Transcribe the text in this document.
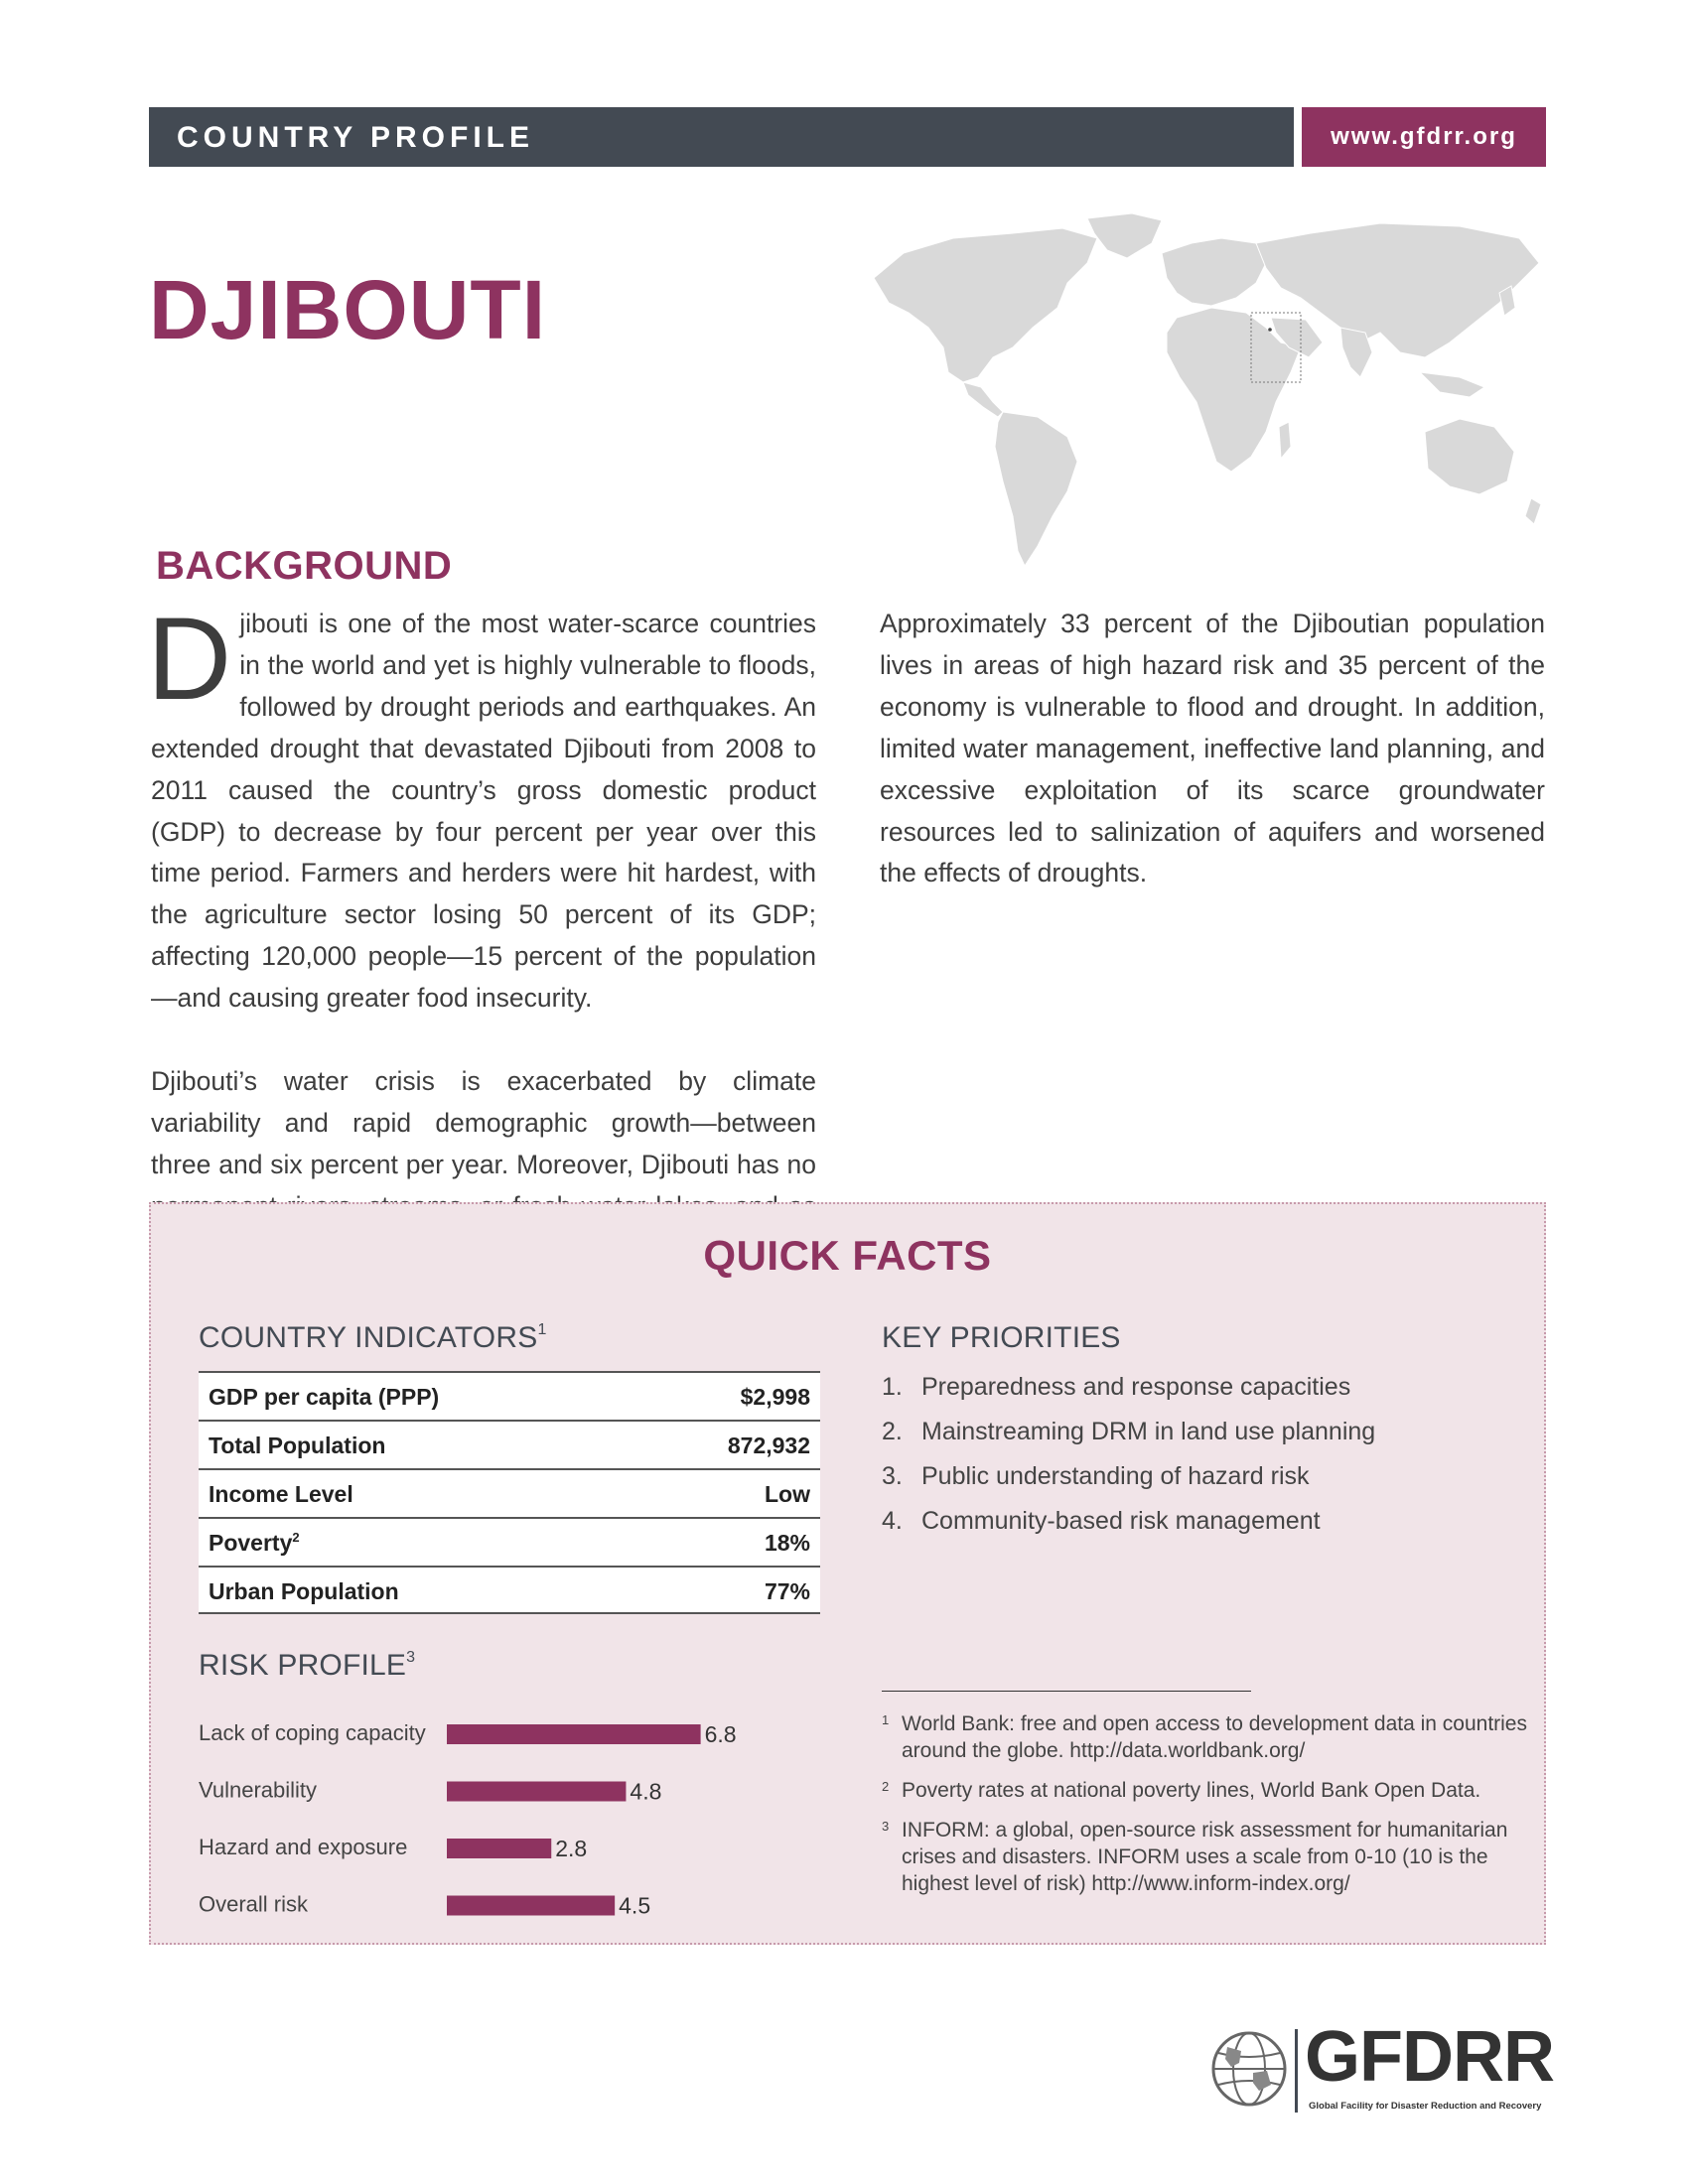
COUNTRY PROFILE	www.gfdrr.org
DJIBOUTI
BACKGROUND

Djibouti is one of the most water-scarce countries in the world and yet is highly vulnerable to floods, followed by drought periods and earthquakes. An extended drought that devastated Djibouti from 2008 to 2011 caused the country’s gross domestic product (GDP) to decrease by four percent per year over this time period. Farmers and herders were hit hardest, with the agriculture sector losing 50 percent of its GDP; affecting 120,000 people—15 percent of the population—and causing greater food insecurity.

Djibouti’s water crisis is exacerbated by climate variability and rapid demographic growth—between three and six percent per year. Moreover, Djibouti has no

Approximately 33 percent of the Djiboutian population lives in areas of high hazard risk and 35 percent of the economy is vulnerable to flood and drought. In addition, limited water management, ineffective land planning, and excessive exploitation of its scarce groundwater resources led to salinization of aquifers and worsened the effects of droughts.

QUICK FACTS
COUNTRY INDICATORS$^1$
GDP per capita (PPP)	$2,998
Total Population	872,932
Income Level	Low
Poverty$^2$	18%
Urban Population	77%
KEY PRIORITIES
1. Preparedness and response capacities
2. Mainstreaming DRM in land use planning
3. Public understanding of hazard risk
4. Community-based risk management
RISK PROFILE$^3$
Lack of coping capacity	6.8
Vulnerability	4.8
Hazard and exposure	2.8
Overall risk	4.5
1 World Bank: free and open access to development data in countries around the globe. http://data.worldbank.org/
2 Poverty rates at national poverty lines, World Bank Open Data.
3 INFORM: a global, open-source risk assessment for humanitarian crises and disasters. INFORM uses a scale from 0-10 (10 is the highest level of risk) http://www.inform-index.org/
GFDRR
Global Facility for Disaster Reduction and Recovery
